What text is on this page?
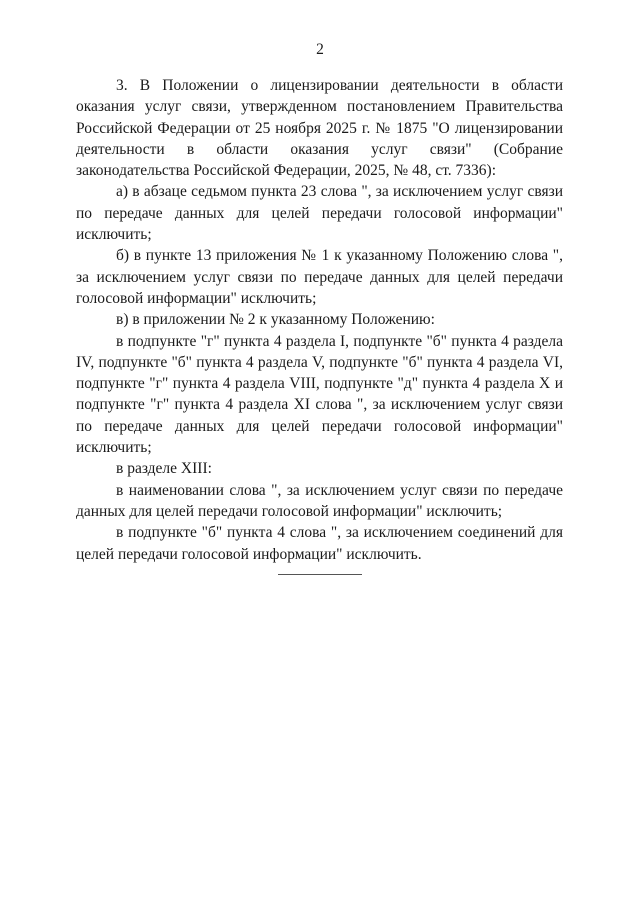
2

3. В Положении о лицензировании деятельности в области оказания услуг связи, утвержденном постановлением Правительства Российской Федерации от 25 ноября 2025 г. № 1875 "О лицензировании деятельности в области оказания услуг связи" (Собрание законодательства Российской Федерации, 2025, № 48, ст. 7336):

а) в абзаце седьмом пункта 23 слова ", за исключением услуг связи по передаче данных для целей передачи голосовой информации" исключить;

б) в пункте 13 приложения № 1 к указанному Положению слова ", за исключением услуг связи по передаче данных для целей передачи голосовой информации" исключить;

в) в приложении № 2 к указанному Положению:

в подпункте "г" пункта 4 раздела I, подпункте "б" пункта 4 раздела IV, подпункте "б" пункта 4 раздела V, подпункте "б" пункта 4 раздела VI, подпункте "г" пункта 4 раздела VIII, подпункте "д" пункта 4 раздела X и подпункте "г" пункта 4 раздела XI слова ", за исключением услуг связи по передаче данных для целей передачи голосовой информации" исключить;

в разделе XIII:

в наименовании слова ", за исключением услуг связи по передаче данных для целей передачи голосовой информации" исключить;

в подпункте "б" пункта 4 слова ", за исключением соединений для целей передачи голосовой информации" исключить.
